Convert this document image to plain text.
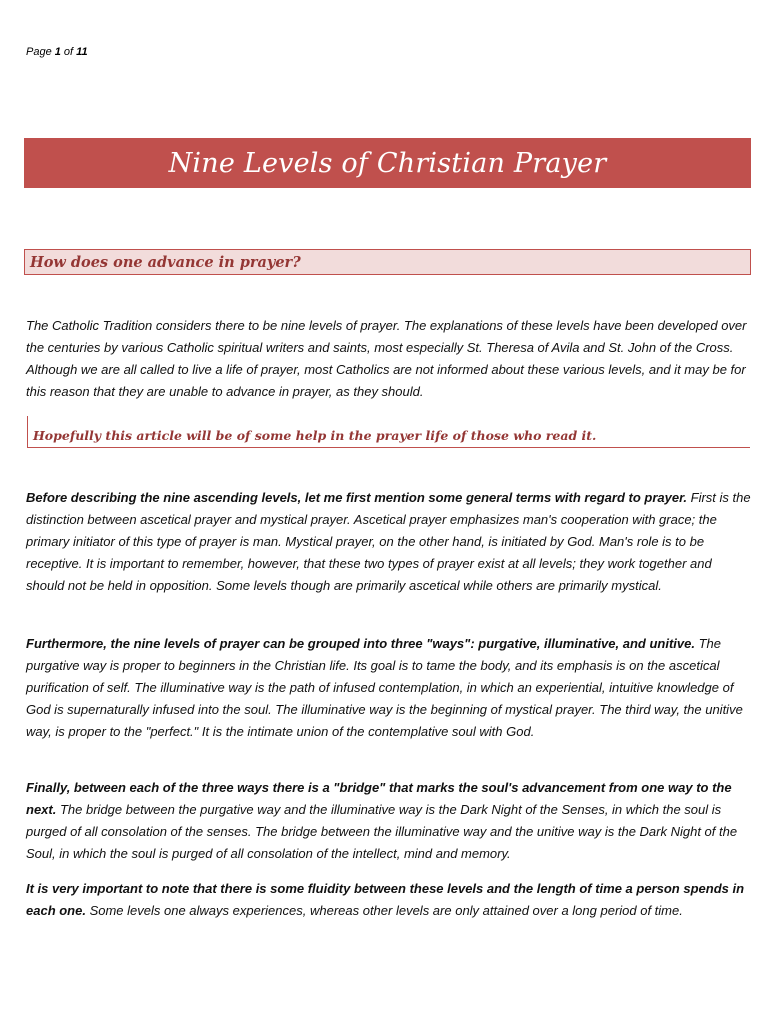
Page 1 of 11
Nine Levels of Christian Prayer
How does one advance in prayer?

The Catholic Tradition considers there to be nine levels of prayer. The explanations of these levels have been developed over the centuries by various Catholic spiritual writers and saints, most especially St. Theresa of Avila and St. John of the Cross. Although we are all called to live a life of prayer, most Catholics are not informed about these various levels, and it may be for this reason that they are unable to advance in prayer, as they should.

Hopefully this article will be of some help in the prayer life of those who read it.

Before describing the nine ascending levels, let me first mention some general terms with regard to prayer. First is the distinction between ascetical prayer and mystical prayer. Ascetical prayer emphasizes man's cooperation with grace; the primary initiator of this type of prayer is man. Mystical prayer, on the other hand, is initiated by God. Man's role is to be receptive. It is important to remember, however, that these two types of prayer exist at all levels; they work together and should not be held in opposition. Some levels though are primarily ascetical while others are primarily mystical.

Furthermore, the nine levels of prayer can be grouped into three "ways": purgative, illuminative, and unitive. The purgative way is proper to beginners in the Christian life. Its goal is to tame the body, and its emphasis is on the ascetical purification of self. The illuminative way is the path of infused contemplation, in which an experiential, intuitive knowledge of God is supernaturally infused into the soul. The illuminative way is the beginning of mystical prayer. The third way, the unitive way, is proper to the "perfect." It is the intimate union of the contemplative soul with God.

Finally, between each of the three ways there is a "bridge" that marks the soul's advancement from one way to the next. The bridge between the purgative way and the illuminative way is the Dark Night of the Senses, in which the soul is purged of all consolation of the senses. The bridge between the illuminative way and the unitive way is the Dark Night of the Soul, in which the soul is purged of all consolation of the intellect, mind and memory.

It is very important to note that there is some fluidity between these levels and the length of time a person spends in each one. Some levels one always experiences, whereas other levels are only attained over a long period of time.
